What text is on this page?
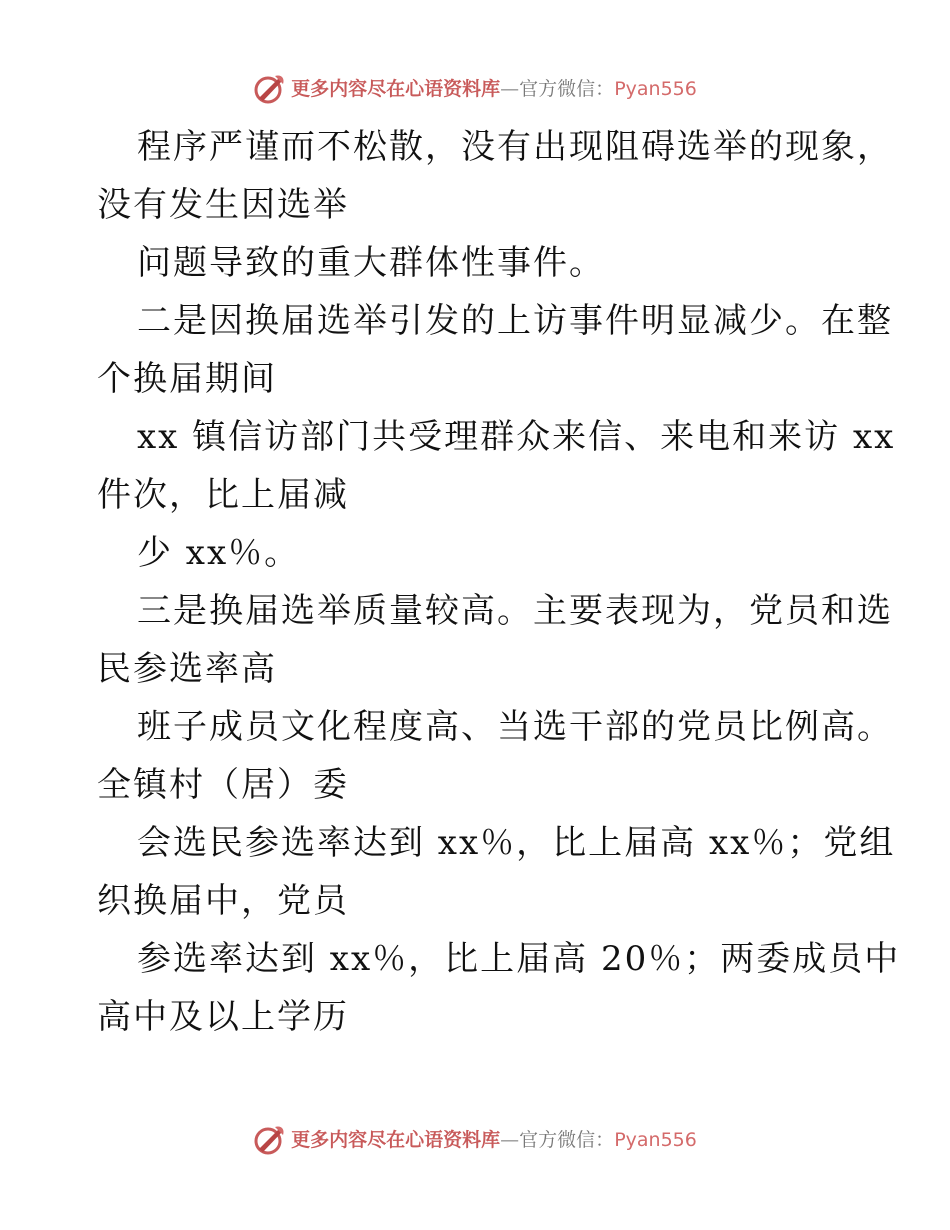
更多内容尽在心语资料库 — 官方微信： Pyan556
程序严谨而不松散，没有出现阻碍选举的现象，
没有发生因选举
问题导致的重大群体性事件。
二是因换届选举引发的上访事件明显减少。在整
个换届期间
xx 镇信访部门共受理群众来信、来电和来访 xx
件次，比上届减
少 xx％。
三是换届选举质量较高。主要表现为，党员和选
民参选率高
班子成员文化程度高、当选干部的党员比例高。
全镇村（居）委
会选民参选率达到 xx％，比上届高 xx％；党组
织换届中，党员
参选率达到 xx％，比上届高 20％；两委成员中
高中及以上学历
更多内容尽在心语资料库 — 官方微信： Pyan556
